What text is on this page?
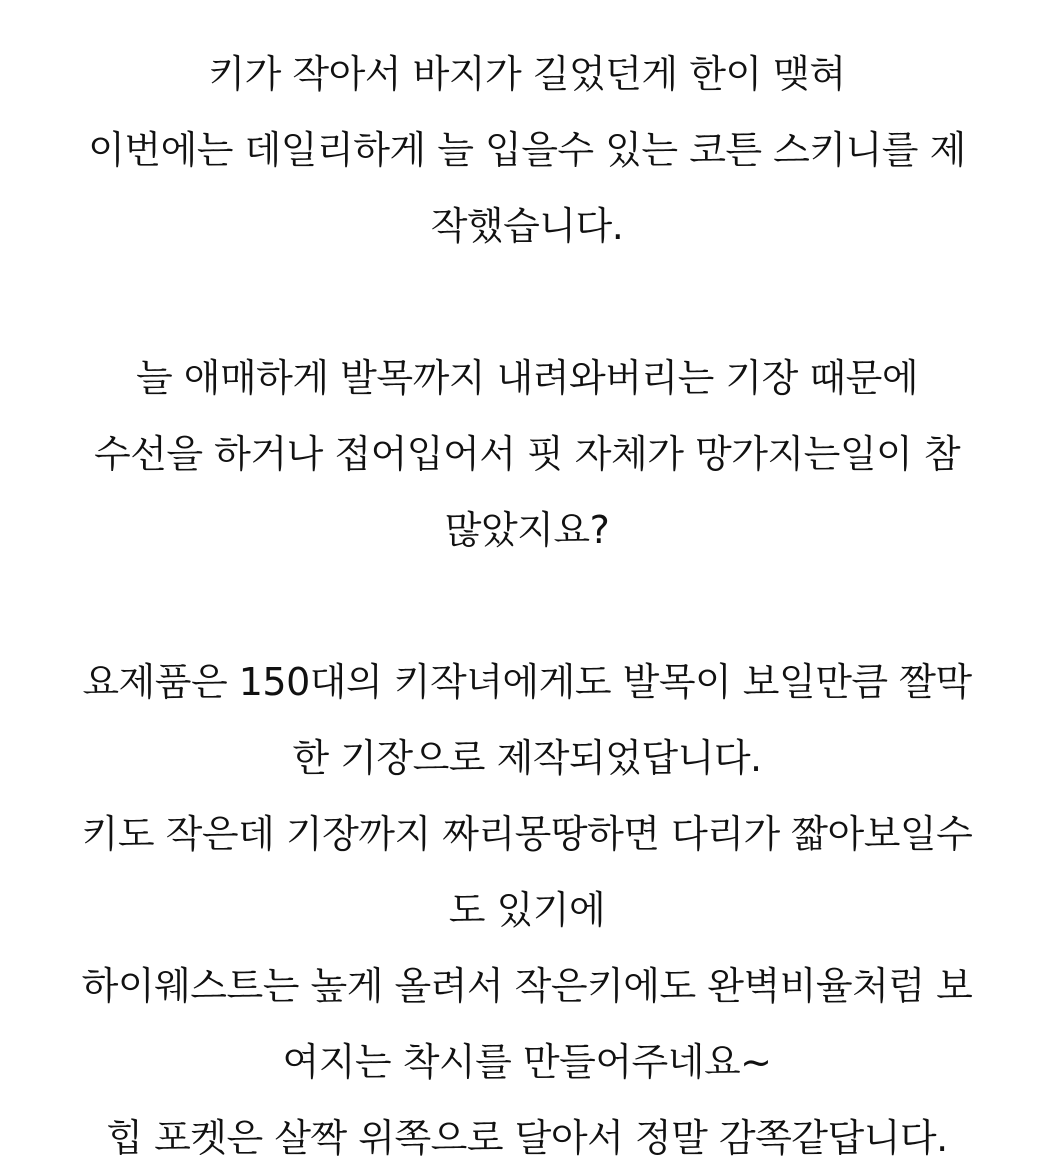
키가 작아서 바지가 길었던게 한이 맺혀
이번에는 데일리하게 늘 입을수 있는 코튼 스키니를 제
작했습니다.
늘 애매하게 발목까지 내려와버리는 기장 때문에
수선을 하거나 접어입어서 핏 자체가 망가지는일이 참
많았지요?
요제품은 150대의 키작녀에게도 발목이 보일만큼 짤막
한 기장으로 제작되었답니다.
키도 작은데 기장까지 짜리몽땅하면 다리가 짧아보일수
도 있기에
하이웨스트는 높게 올려서 작은키에도 완벽비율처럼 보
여지는 착시를 만들어주네요~
힙 포켓은 살짝 위쪽으로 달아서 정말 감쪽같답니다.
